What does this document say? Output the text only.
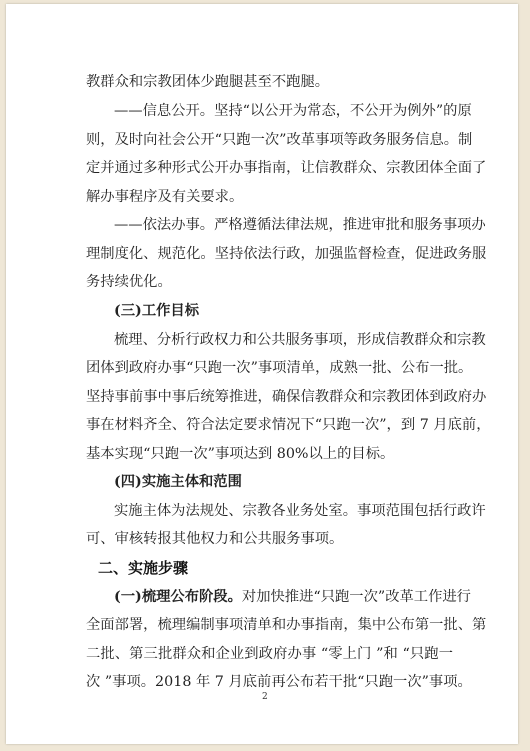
教群众和宗教团体少跑腿甚至不跑腿。
——信息公开。坚持“以公开为常态，不公开为例外”的原
则，及时向社会公开“只跑一次”改革事项等政务服务信息。制
定并通过多种形式公开办事指南，让信教群众、宗教团体全面了
解办事程序及有关要求。
——依法办事。严格遵循法律法规，推进审批和服务事项办
理制度化、规范化。坚持依法行政，加强监督检查，促进政务服
务持续优化。
(三)工作目标
梳理、分析行政权力和公共服务事项，形成信教群众和宗教
团体到政府办事“只跑一次”事项清单，成熟一批、公布一批。
坚持事前事中事后统筹推进，确保信教群众和宗教团体到政府办
事在材料齐全、符合法定要求情况下“只跑一次”，到 7 月底前，
基本实现“只跑一次”事项达到 80%以上的目标。
(四)实施主体和范围
实施主体为法规处、宗教各业务处室。事项范围包括行政许
可、审核转报其他权力和公共服务事项。
二、实施步骤
(一)梳理公布阶段。对加快推进“只跑一次”改革工作进行
全面部署，梳理编制事项清单和办事指南，集中公布第一批、第
二批、第三批群众和企业到政府办事 “零上门 ”和 “只跑一
次 ”事项。2018 年 7 月底前再公布若干批“只跑一次”事项。
2
